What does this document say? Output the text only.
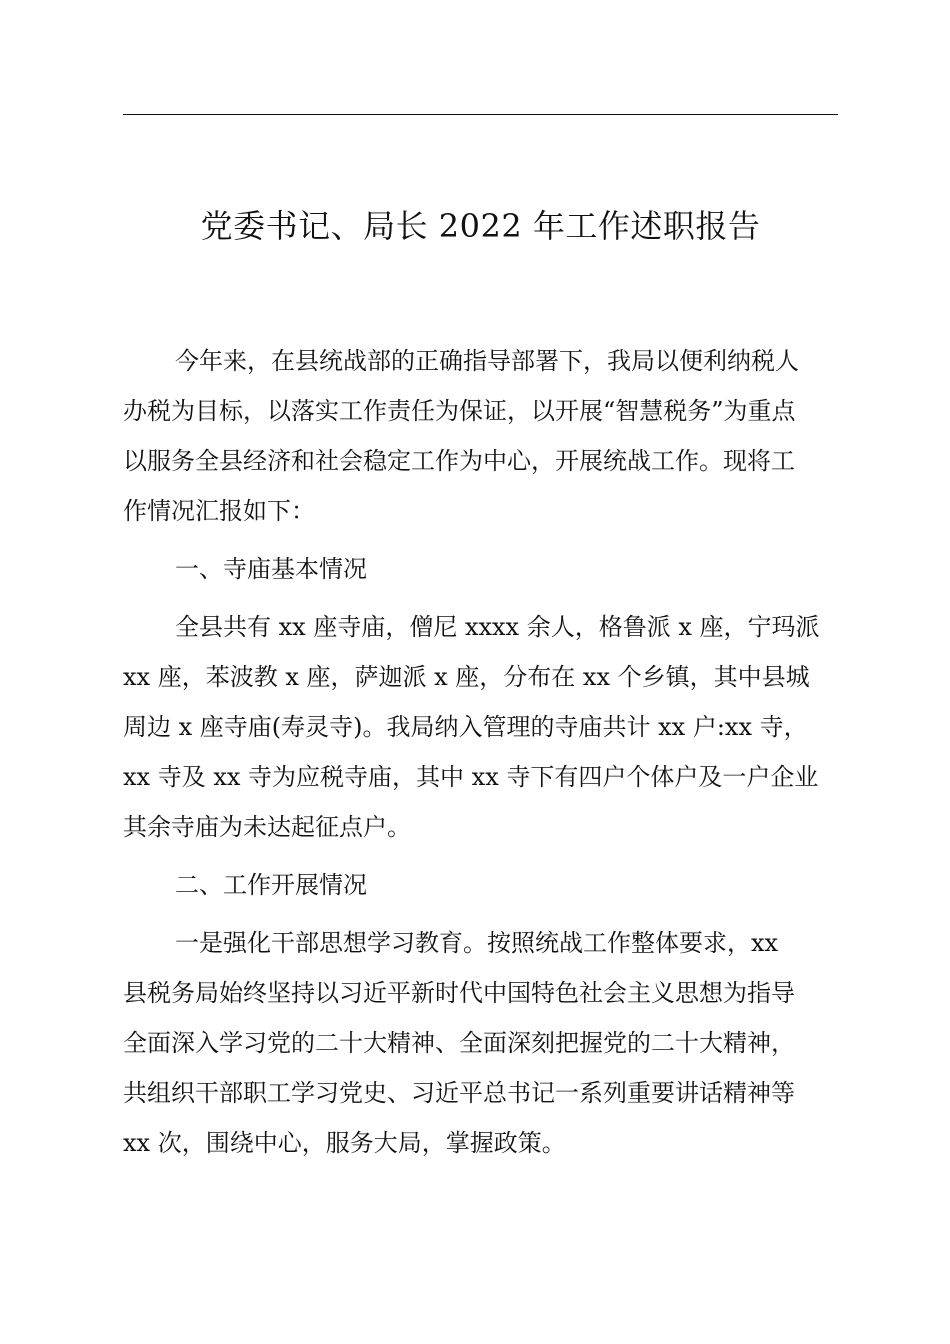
党委书记、局长 2022 年工作述职报告
今年来，在县统战部的正确指导部署下，我局以便利纳税人
办税为目标，以落实工作责任为保证，以开展“智慧税务”为重点
以服务全县经济和社会稳定工作为中心，开展统战工作。现将工
作情况汇报如下：
一、寺庙基本情况
全县共有 xx 座寺庙，僧尼 xxxx 余人，格鲁派 x 座，宁玛派
xx 座，苯波教 x 座，萨迦派 x 座，分布在 xx 个乡镇，其中县城
周边 x 座寺庙(寿灵寺)。我局纳入管理的寺庙共计 xx 户:xx 寺，
xx 寺及 xx 寺为应税寺庙，其中 xx 寺下有四户个体户及一户企业
其余寺庙为未达起征点户。
二、工作开展情况
一是强化干部思想学习教育。按照统战工作整体要求，xx
县税务局始终坚持以习近平新时代中国特色社会主义思想为指导
全面深入学习党的二十大精神、全面深刻把握党的二十大精神，
共组织干部职工学习党史、习近平总书记一系列重要讲话精神等
xx 次，围绕中心，服务大局，掌握政策。
